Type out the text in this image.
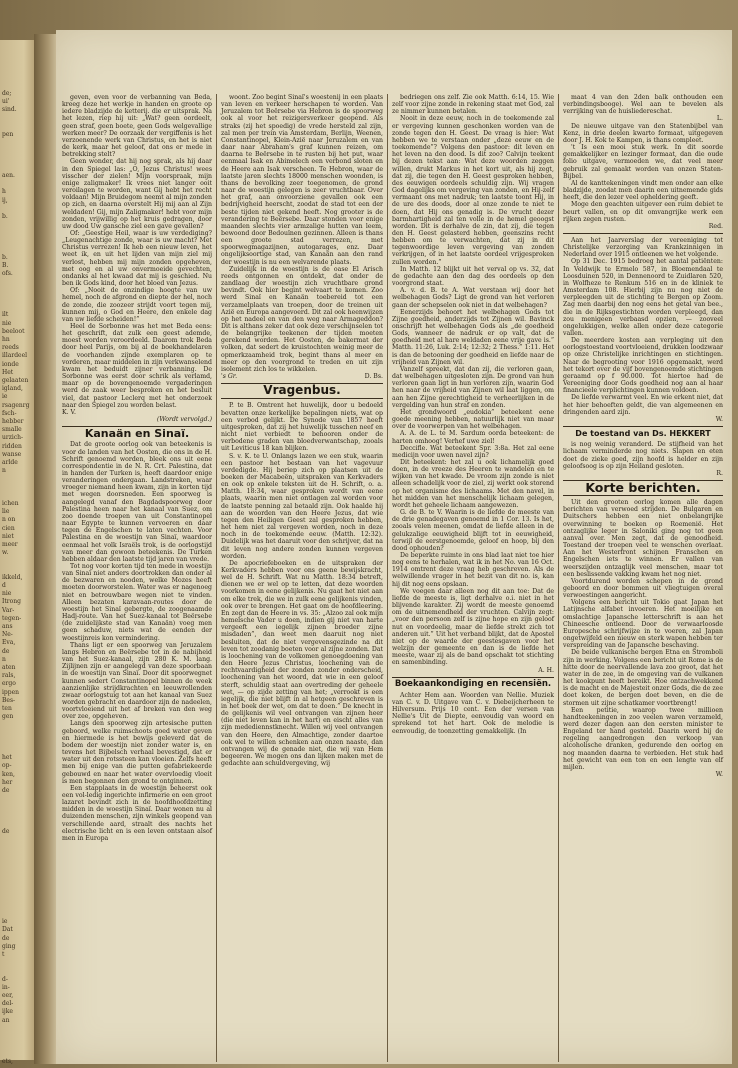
de;
ui'
sind.
pen
aen.
h
ij,
b.
b.
B.
ofs.
ilt
nie
beeloot
hn
reeds
illardeel
ionde
Het
gelaaten
igland,
ie
rsagenrg
fsch-
hebber
smalle
urzich-
ridden
wanse
arlde
n
ichen
lie
n on
cien
niet
meer
w.
ikkeld,
d
nie
Itrong
Var-
tegen-
ans
Ne-
Eva,
de
n
aten
rals,
ergo
ippen
Bes-
ten
gen
het
op-
ken,
her
de
de
ie
Dat
de
ging
t
d-
in-
eer,
del-
ijke
an
ets,

geven, even voor de verbanning van Beda, kreeg deze het werkje in handen en groote op iedere bladzijde de ketterij. die er uitsprak. Na het lezen, riep hij uit: „Wat? geen oordeelt, geen straf, geen boete, geen Gods welgevallige werken meer? De oorzaak der vergiffenis is het verzoenende werk van Christus, en het is niet de kerk, maar het geloof, dat ons er mede in betrekking stelt?

Geen wonder, dat hij nog sprak, als hij daar in den Spiegel las: „O, Jezus Christus! wees visscher der zielen! Mijn voorspraak, mijn enige zaligmaker! Ik vrees niet langer ooit veroilagen te worden, want Gij hebt het recht voldaan! Mijn Bruidegom neemt al mijn zonden op zich, en daarna overstelt Hij mij aan al Zijn weldaden! Gij, mijn Zaligmaker! hebt voor mijn zonden, vrijwillig op het kruis gedragen, door uw dood Uw gansche ziel een gave gevallen?

Of: „Geestige Heil, waar is uw verdediging? „Leugenachtige zonde, waar is uw macht? Met Christus verrezen! Ik heb een nieuw leven, het weet ik, en uit het lijden van mijn ziel mij verlost, hebben mij mijn zonden opgeheven, met oog en al uw onvermoeide gevechten, ondanks al het kwaad dat mij is geschied. Nu ben ik Gods kind, door het bloed van Jezus.

Of: „Nooit de onzindige hoogte van uw hemel, noch de afgrond en diepte der hel, noch de zonde, die zoozeer strijdt voort tegen mij, kunnen mij, o God en Heere, den enkele dag van uw liefde scheiden!”

Heel de Sorbonne was het met Beda eens: het geschrift, dat zulk een geest ademde, moest worden veroordeeld. Daarom trok Beda door heel Parijs, om bij al de boekhandelaren de voorhanden zijnde exemplaren op te vorderen, maar middelen in zijn verkwanselend kwam het beduidt zijner verbanning. De Sorbonne was eerst door schrik als verlamd, maar op de bovengenoemde vergaderingen werd de zaak weer besproken en het besluit viel, dat pastoor Leclerq met het onderzoek naar den Spiegel zou worden belast.

K. V.

(Wordt vervolgd.)

Kanaän en Sinaï.

Dat de groote oorlog ook van beteekenis is voor de landen van het Oosten, die ons in de H. Schrift genoemd worden, bleek ons uit eene correspondentie in de N. R. Crt. Palestina, dat in handen der Turken is, heeft daardoor enige veranderingen ondergaan. Landstreken, waar vroeger niemand heen kwam, zijn in korten tijd met wegen doorsneden. Een spoorweg is aangelegd vanaf den Bagdadspoorweg door Palestina heen naar het kanaal van Suez, om zoo doende troepen van uit Constantinopel naar Egypte te kunnen vervoeren en daar tegen de Engelschen te laten vechten. Voor Palestina en de woestijn van Sinaï, waardoor eenmaal het volk Israëls trok, is de oorlogstijd van meer dan gewoon beteekenis. De Turken hebben aldaar den laatste tijd jaren van vrede.

Tot nog voor korten tijd ten mede in woestijn van Sinaï niet anders doortrokken dan onder al de bezwaren en nooden, welke Mozes heeft moeten doorworstelen. Water was er nagenoeg niet en betrouwbare wegen niet te vinden. Alleen bezaten karavaan-routes door de woestijn het Sinaï gebergte, de zoogenaamde Hadj-route. Van het Suez-kanaal tot Beërsebe (de zuidelijkste stad van Kanaän) voeg men geen schaduw, niets wat de eenden der woestijnreis kon vermindering.

Thans ligt er een spoorweg van Jeruzalem langs Hebron en Beërsebe tot in de nabijheid van het Suez-kanaal, zijn 280 K. M. lang. Zijlijnen zijn er aangelegd van deze spoorbaan in de woestijn van Sinaï. Door dit spoorwegnet kunnen sedert Constantinopel binnen de week aanzienlijke strijdkrachten en leeuwrollenden zwaar oorlogstuig tot aan het kanaal van Suez worden gebracht en daardoor zijn de nadeelen, voortvloeiend uit het af breken van den weg over zee, opgeheven.

Langs den spoorweg zijn artesische putten geboord, welke ruimschoots goed water geven en hiermede is het bewijs geleverd dat de bodem der woestijn niet zonder water is, en tevens het Bijbelsch verhaal bevestigd, dat er water uit den rotssteen kan vloeien. Zelfs heeft men bij enige van die putten gefabriekeerde gebouwd en naar het water overvloedig vloeit is men begonnen den grond te ontginnen.

Een stapplaats in de woestijn beheerst ook een vol-ledig ingerichte infirmerie en een groot lazaret bevindt zich in de hoofdhoofdzetting midden in de woestijn Sinaï. Daar wonen nu al duizenden menschen, zijn winkels geopend van verschillende aard, straalt des nachts het electrische licht en is een leven ontstaan alsof men in Europa

woont. Zoo begint Sinaï's woestenij in een plaats van leven en verkeer herschapen te worden. Van Jeruzalem tot Beërsebe via Hebron is de spoorweg ook al voor het reizigersverkeer geopend. Als straks (zij het spoedig) de vrede hersteld zal zijn, zal men per trein via Amsterdam, Berlijn, Weenen, Constantinopel, Klein-Azië naar Jeruzalem en van daar naar Abraham's graf kunnen reizen, om daarna te Beërsebe in te rusten bij het put, waar eenmaal Isak en Abimelech een verbond sloten en de Heere aan Isak verscheen. Te Hebron, waar de laatste jaren slechts 18000 menschen woonden, is thans de bevolking zeer toegenomen, de grond naar de woestijn gelegen is zeer vruchtbaar. Over het graf, aan onvoorziene gevallen ook een bedrijvigheid heerscht, zoodat de stad tot een der beste tijden niet gekend heeft. Nog grooter is de verandering te Beërsebe. Daar stonden voor enige maanden slechts vier armzalige hutten van leem, bewoond door Bedouïnen gezinnen. Alleen is thans een groote stad verrezen, met spoorwegmagazijnen, autogarages, enz. Daar ongelijksoortige stad, van Kanaän aan den rand der woestijn is nu een welvarende plaats.

Zuidelijk in de woestijn is de oase El Arisch reeds ontgonnen en ontdekt, dat onder de zandlaag der woestijn zich vruchtbare grond bevindt. Ook hier begint welvaart te komen. Zoo werd Sinaï en Kanaän toebereid tot een verzamelplaats van troepen, door de treinen uit Azië en Europa aangevoerd. Dit zal ook heenwijzen op het nadeel en van den weg naar Armageddon? Dit is althans zeker dat ook deze verschijnselen tot de belangrijke teekenen der tijden moeten gerekend worden. Het Oosten, de bakermat der volken, dat sedert de kruistochten weinig meer de opmerkzaamheid trok, begint thans al meer en meer op den voorgrond te treden en uit zijn isolement zich los te wikkelen.

's Gr.	D. Bs.
Vragenbus.

P. te B. Omtrent het huwelijk, door u bedoeld bevatten onze kerkelijke bepalingen niets, wat op een verbod gelijkt. De Synode van 1857 heeft uitgesproken, dat zij het huwelijk tusschen neef en nicht niet verbiedt te behooren onder de verbodene graden van bloedverwantschap, zooals uit Leviticus 18 kan blijken.

S. v. K. te U. Onlangs lazen we een stuk, waarin een pastoor het bestaan van het vagevuur verdedigde. Hij beriep zich op plaatsen uit de boeken der Macabeën, uitspraken van Kerkvaders en ook op enkele teksten uit de H. Schrift, o. a. Matth. 18:34, waar gesproken wordt van eene plaats, waarin men niet ontlagen zal worden voor de laatste penning zal betaald zijn. Ook haalde hij aan de woorden van den Heere Jezus, dat wie tegen den Heiligen Geest zal gesproken hebben, het hem niet zal vergeven worden, noch in deze noch in de toekomende eeuw. (Matth. 12:32). Duidelijk was het daaruit voor den schrijver, dat na dit leven nog andere zonden kunnen vergeven worden.

De apocriefeboeken en de uitspraken der Kerkvaders hebben voor ons geene bewijskracht, wel de H. Schrift. Wat nu Matth. 18:34 betreft, dienen we er wel op te letten, dat deze woorden voorkomen in eene gelijkenis. Nu gaat het niet aan om elke trek, die we in zulk eene gelijkenis vinden, ook over te brengen. Het gaat om de hoofdleering. En zegt dan de Heere in vs. 35: „Alzoo zal ook mijn hemelsche Vader u doen, indien gij niet van harte vergeeft een iegelijk zijnen broeder zijne misdaden”, dan weet men daaruit nog niet besluiten, dat de niet vergevensgezinde na dit leven tot zoodanig boeten voor al zijne zonden. Dat is loochening van de volkomen genoegdoening van den Heere Jezus Christus, loochening van de rechtvaardigheid der zonden zonder onderscheid, loochening van het woord, dat wie in een geloof sterft, schuldig staat aan overtreding der geheele wet, — op zijde zetting van het; „verrookt is een iegelijk, die niet blijft in al hetgeen geschreven is in het boek der wet, om dat te doen.” De knecht in de gelijkenis wil veel ontvangen van zijnen heer (die niet leven kan in het hart) en eischt alles van zijn medediennstknecht. Willen wij veel ontvangen van den Heere, den Almachtige, zonder daartoe ook wel te willen schenken aan onzen naaste, dan ontvangen wij de genade niet, die wij van Hem begeeren. We mogen ons dan lijken maken met de gedachte aan schuldvergeving, wij

bedriegen ons zelf. Zie ook Matth. 6:14, 15. Wie zelf voor zijne zonde in rekening staat met God, zal ze nimmer kunnen betalen.

Nooit in deze eeuw, noch in de toekomende zal er vergeving kunnen geschonken worden van de zonde tegen den H. Geest. De vraag is hier: Wat hebben we te verstaan onder „deze eeuw en de toekomende”? Volgens den pastoor: dit leven en het leven na den dood. Is dit zoo? Calvijn teekent bij dezen tekst aan: Wat deze woorden zeggen willen, drukt Markus in het kort uit, als hij zegt, dat zij, die tegen den H. Geest gesproken hebben, des eeuwigen oordeels schuldig zijn. Wij vragen God dagelijks om vergeving van zonden, en Hij-zelf vermaant ons met nadruk; ten laatste toont Hij, in de ure des doods, door al onze zonde te niet te doen, dat Hij ons genadig is. De vrucht dezer barmhartigheid zal ten volle in de hemel geoogst worden. Dit is derhalve de zin, dat zij, die tegen den H. Geest gelasterd hebben, geenszins recht hebben om te verwachten, dat zij in dit tegenwoordige leven vergeving van zonden verkrijgen, of in het laatste oordeel vrijgesproken zullen worden.”

In Matth. 12 blijkt uit het verval op vs. 32, dat de gedachte aan den dag des oordeels op den voorgrond staat.

A. v. d. B. te A. Wat verstaan wij door het welbehagen Gods? Ligt de grond van het verloren gaan der schepselen ook niet in dat welbehagen?

Eenerzijds behoort het welbehagen Gods tot Zijne goedheid, anderzijds tot Zijnen wil. Bavinck onschrijft het welbehagen Gods als „de goedheid Gods, wanneer de nadruk er op valt, dat de goedheid met al hare weldaden eene vrije gave is.” Matth. 11:26, Luk. 2:14; 12:32; 2 Thess.” 1:11. Het is dan de betooning der goedheid en liefde naar de vrijheid van Zijnen wil.

Vanzelf spreekt, dat dan zij, die verloren gaan, dat welbehagen uitgesloten zijn. De grond van hun verloren gaan ligt in hun verloren zijn, waarin God hen naar de vrijheid van Zijnen wil laat liggen, om aan hen Zijne gerechtigheid te verheerlijken in de vergelding van hun straf en zonden.

Het grondwoord „eudokia” beteekent eene goede meening hebben, natuurlijk niet van maar over de voorwerpen van het welbehagen.

A. A. de L. te M. Sardum oorda beteekent: de harten omhoog! Verhef uwe ziel!

Deccifle. Wat beteekent Spr. 3:8a. Het zal eene medicijn voor uwen navel zijn?

Dit beteekent: het zal u ook lichamelijk goed doen, in de vreeze des Heeren te wandelen en te wijken van het kwade. De vroom zijn zonde is niet alleen schadelijk voor de ziel, zij werkt ook storend op het organisme des lichaams. Met den navel, in het midden van het menschelijk lichaam gelegen, wordt het geheele lichaam aangewezen.

G. de B. te V. Waarin is de liefde de meeste van de drie genadegaven genoemd in 1 Cor. 13. Is het, zooals velen meenen, omdat de liefde alleen in de gelukzalige eeuwigheid blijft tot in eeuwigheid, terwijl de eerstgenoemde, geloof en hoop, bij den dood ophouden?

De beperkte ruimte in ons blad laat niet toe hier nog eens te herhalen, wat ik in het No. van 16 Oct. 1914 omtrent deze vraag heb geschreven. Als de welwillende vrager in het bezit van dit no. is, kan hij dit nog eens opslaan.

We voegen daar alleen nog dit aan toe: Dat de liefde de meeste is, ligt derhalve o.i. niet in het blijvende karakter. Zij wordt de meeste genoemd om de uitnemendheid der vruchten. Calvijn zegt: „voor den persoon zelf is zijne hope en zijn geloof nut en voordeelig, maar de liefde strekt zich tot anderen uit.” Uit het verband blijkt, dat de Apostel niet op de waarde der geestesgaven voor het welzijn der gemeente en dan is de liefde het meeste, waar zij als de band opschakt tot stichting en samenbinding.

A. H.

Boekaankondiging en recensiën.

Achter Hem aan. Woorden van Nellie. Muziek van C. v. D. Uitgave van C. v. Diebeijcherheen te Hilversum. Prijs 10 cent. Een der versen van Nellie's Uit de Diepte, eenvoudig van woord en sprekend tot het hart. Ook de melodie is eenvoudig, de toonzetting gemakkelijk. (In

maat 4 van den 2den balk onthouden een verbindingsbooge). Wel aan te bevelen als verrijking van de huisliedereschat.

L.

De nieuwe uitgave van den Statenbijbel van Kenz, in drie deelen kwarto formaat, uitgegeven door J. H. Kok te Kampen, is thans compleet.

't Is een mooi stuk werk. In dit soorde gemakkelijker en lezinger formaat, dan die oude folio uitgave, vermoeden we, dat veel meer gebruik zal gemaakt worden van onzen Staten-Bijbel.

Al de kanttekeningen vindt men onder aan elke bladzijde, zoodat men daarin een uitnemende gids heeft, die den lezer veel opheldering geeft.

Moge den geachten uitgever een ruim debiet te beurt vallen, en op dit omvangrijke werk een rijken zegen rusten.

Red.

Aan het Jaarverslag der vereeniging tot Christelijke verzorging van Krankzinnigen in Nederland over 1915 ontleenen we het volgende.

Op 31 Dec. 1915 bedroeg het aantal patiënten: In Veldwijk te Ermelo 587, in Bloemendaal te Loosduinen 520, in Dennenoord te Zuidlaren 520, in Wolfheze te Renkum 516 en in de kliniek te Amsterdam 108. Hierbij zijn nu nog niet de verpleegden uit de stichting te Bergen op Zoom. Zag men daarbij den nog eens het getal van bee., die in de Rijksgestichten worden verpleegd, dan zou menigeen verbaasd opzien, — zooveel ongelukkigen, welke allen onder deze categorie vallen.

De meerdere kosten aan verpleging uit den oorlogstoestand voortvloeiend, drukken loodzwaar op onze Christelijke inrichtingen en stichtingen. Naar de begrooting voor 1916 opgemaakt, werd het tekort over de vijf bovengenoemde stichtingen geraamd op f 90.000. Tot hiertoe had de Vereeniging door Gods goedheid nog aan al haar financieele verplichtingen kunnen voldoen.

De liefde verwarmt veel. En wie erkent niet, dat het hier behoeften geldt, die van algemeenen en dringenden aard zijn.

W.

De toestand van Ds. HEKKERT

is nog weinig veranderd. De stijfheid van het lichaam verminderde nog niets. Slapen en eten doet de zieke goed, zijn hoofd is helder en zijn geloofsoog is op zijn Heiland gesloten.

R.

Korte berichten.

Uit den grooten oorlog komen alle dagen berichten van verwoed strijden. De Bulgaren en Duitschers hebben een niet onbelangrijke overwinning te boeken op Roemenië. Het ontzaglijke leger in Saloniki ging nog tot geen aanval over. Men zegt, dat de genoodheid. Toestand der troepen veel te wenschen overlaat. Aan het Westerfront schijnen Franschen en Engelschen iets te winnen. Er vallen van weerszijden ontzaglijk veel menschen, maar tot een beslissende vakking kwam het nog niet.

Voortdurend worden schepen in de grond geboord en door bommen uit vliegtuigen overal verwoestingen aangericht.

Volgens een bericht uit Tokio gaat Japan het Latijnsche alfabet invoeren. Het moeilijke en omslachtige Japansche letterschrift is aan het Chineesche ontleend. Door de verwaarloosde Europesche schrijfwijze in te voeren, zal Japan ongetwijfeld een nieuw en sterk wapen hebben ter verspreiding van de Japansche beschaving.

De beide vulkanische bergen Etna en Stromboli zijn in werking. Volgens een bericht uit Rome is de hitte door de neervallende lava zoo groot, dat het water in de zee, in de omgeving van de vulkanen het kookpunt heeft bereikt. Hoe ontzachwekkend is de macht en de Majesteit onzer Gods, die de zee doet koken, de bergen doet beven, en die de stormen uit zijne schatkamer voortbrengt!

Een petitie, waarop twee millioen handteekeningen in zoo veelen waren verzameld, werd dezer dagen aan den eersten minister te Engeland ter hand gesteld. Daarin werd bij de regeling aangedrongen den verkoop van alcoholische dranken, gedurende den oorlog en nog maanden daarna te verbieden. Het stuk had het gewicht van een ton en een lengte van elf mijlen.

W.
